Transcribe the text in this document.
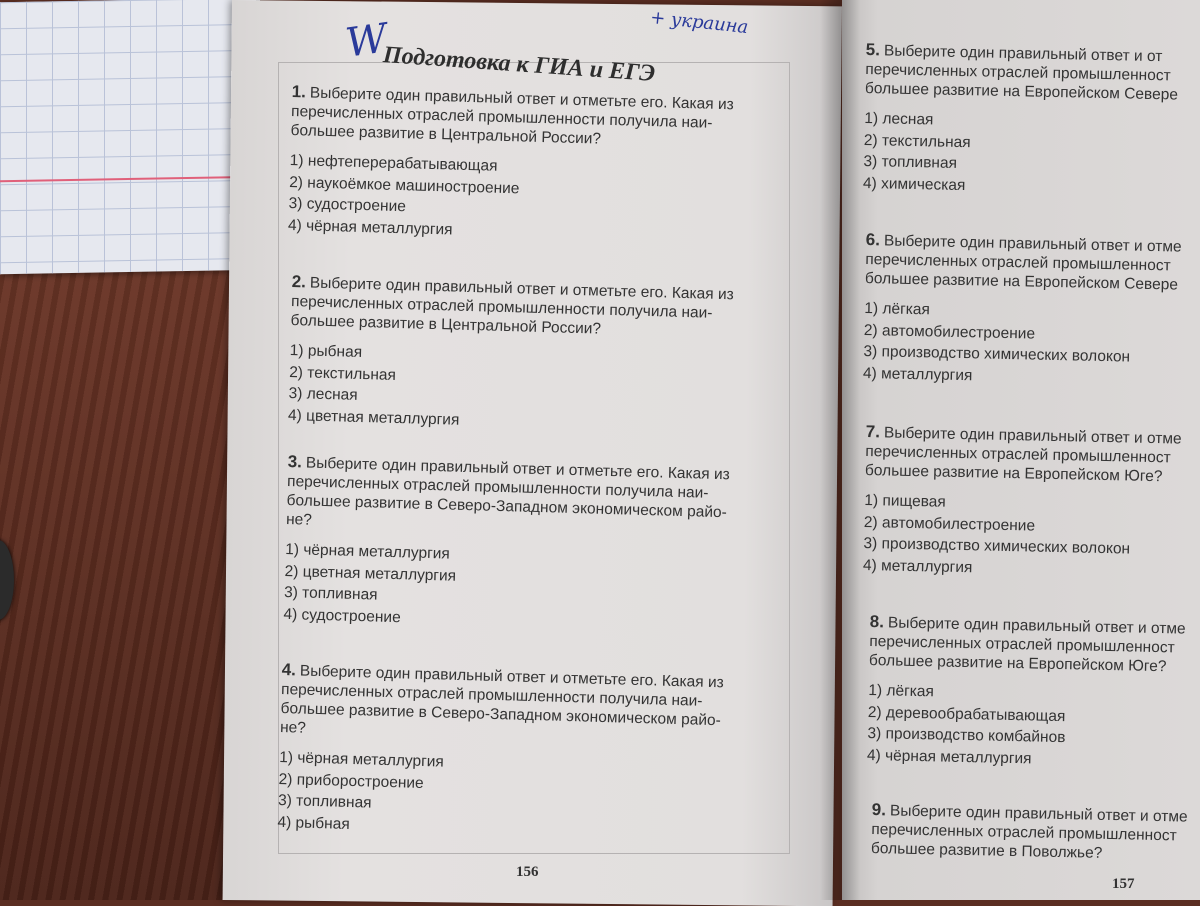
W	+ украина
Подготовка к ГИА и ЕГЭ
1. Выберите один правильный ответ и отметьте его. Какая из
перечисленных отраслей промышленности получила наи-
большее развитие в Центральной России?
1) нефтеперерабатывающая
2) наукоёмкое машиностроение
3) судостроение
4) чёрная металлургия
2. Выберите один правильный ответ и отметьте его. Какая из
перечисленных отраслей промышленности получила наи-
большее развитие в Центральной России?
1) рыбная
2) текстильная
3) лесная
4) цветная металлургия
3. Выберите один правильный ответ и отметьте его. Какая из
перечисленных отраслей промышленности получила наи-
большее развитие в Северо-Западном экономическом райо-
не?
1) чёрная металлургия
2) цветная металлургия
3) топливная
4) судостроение
4. Выберите один правильный ответ и отметьте его. Какая из
перечисленных отраслей промышленности получила наи-
большее развитие в Северо-Западном экономическом райо-
не?
1) чёрная металлургия
2) приборостроение
3) топливная
4) рыбная
156
5. Выберите один правильный ответ и от
перечисленных отраслей промышленност
большее развитие на Европейском Севере
1) лесная
2) текстильная
3) топливная
4) химическая
6. Выберите один правильный ответ и отме
перечисленных отраслей промышленност
большее развитие на Европейском Севере
1) лёгкая
2) автомобилестроение
3) производство химических волокон
4) металлургия
7. Выберите один правильный ответ и отме
перечисленных отраслей промышленност
большее развитие на Европейском Юге?
1) пищевая
2) автомобилестроение
3) производство химических волокон
4) металлургия
8. Выберите один правильный ответ и отме
перечисленных отраслей промышленност
большее развитие на Европейском Юге?
1) лёгкая
2) деревообрабатывающая
3) производство комбайнов
4) чёрная металлургия
9. Выберите один правильный ответ и отме
перечисленных отраслей промышленност
большее развитие в Поволжье?
157
